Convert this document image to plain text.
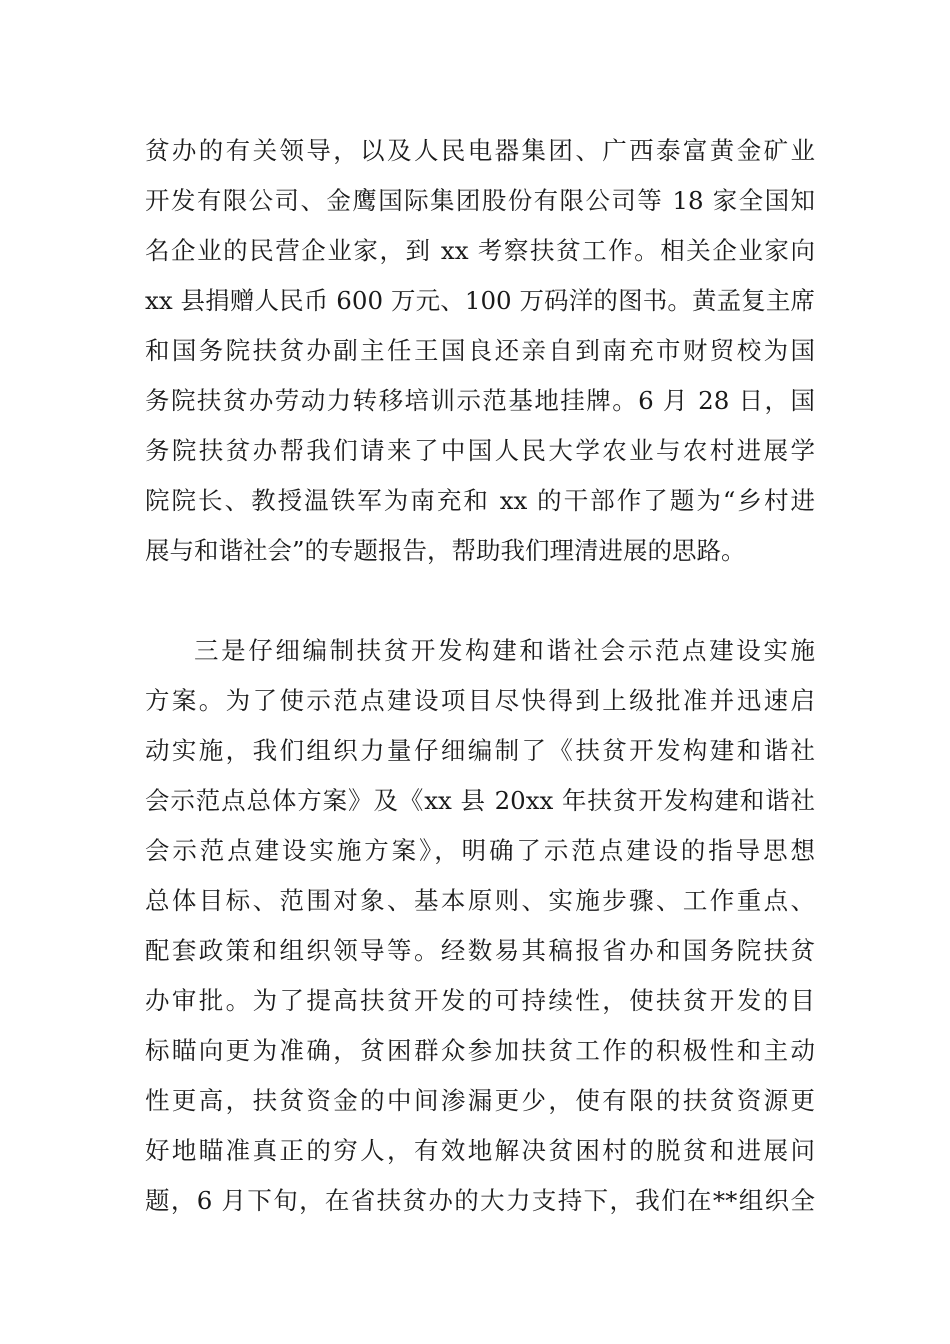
贫办的有关领导，以及人民电器集团、广西泰富黄金矿业
开发有限公司、金鹰国际集团股份有限公司等 18 家全国知
名企业的民营企业家，到 xx 考察扶贫工作。相关企业家向
xx 县捐赠人民币 600 万元、100 万码洋的图书。黄孟复主席
和国务院扶贫办副主任王国良还亲自到南充市财贸校为国
务院扶贫办劳动力转移培训示范基地挂牌。6 月 28 日，国
务院扶贫办帮我们请来了中国人民大学农业与农村进展学
院院长、教授温铁军为南充和 xx 的干部作了题为“乡村进
展与和谐社会”的专题报告，帮助我们理清进展的思路。
三是仔细编制扶贫开发构建和谐社会示范点建设实施
方案。为了使示范点建设项目尽快得到上级批准并迅速启
动实施，我们组织力量仔细编制了《扶贫开发构建和谐社
会示范点总体方案》及《xx 县 20xx 年扶贫开发构建和谐社
会示范点建设实施方案》，明确了示范点建设的指导思想
总体目标、范围对象、基本原则、实施步骤、工作重点、
配套政策和组织领导等。经数易其稿报省办和国务院扶贫
办审批。为了提高扶贫开发的可持续性，使扶贫开发的目
标瞄向更为准确，贫困群众参加扶贫工作的积极性和主动
性更高，扶贫资金的中间渗漏更少，使有限的扶贫资源更
好地瞄准真正的穷人，有效地解决贫困村的脱贫和进展问
题，6 月下旬，在省扶贫办的大力支持下，我们在**组织全
